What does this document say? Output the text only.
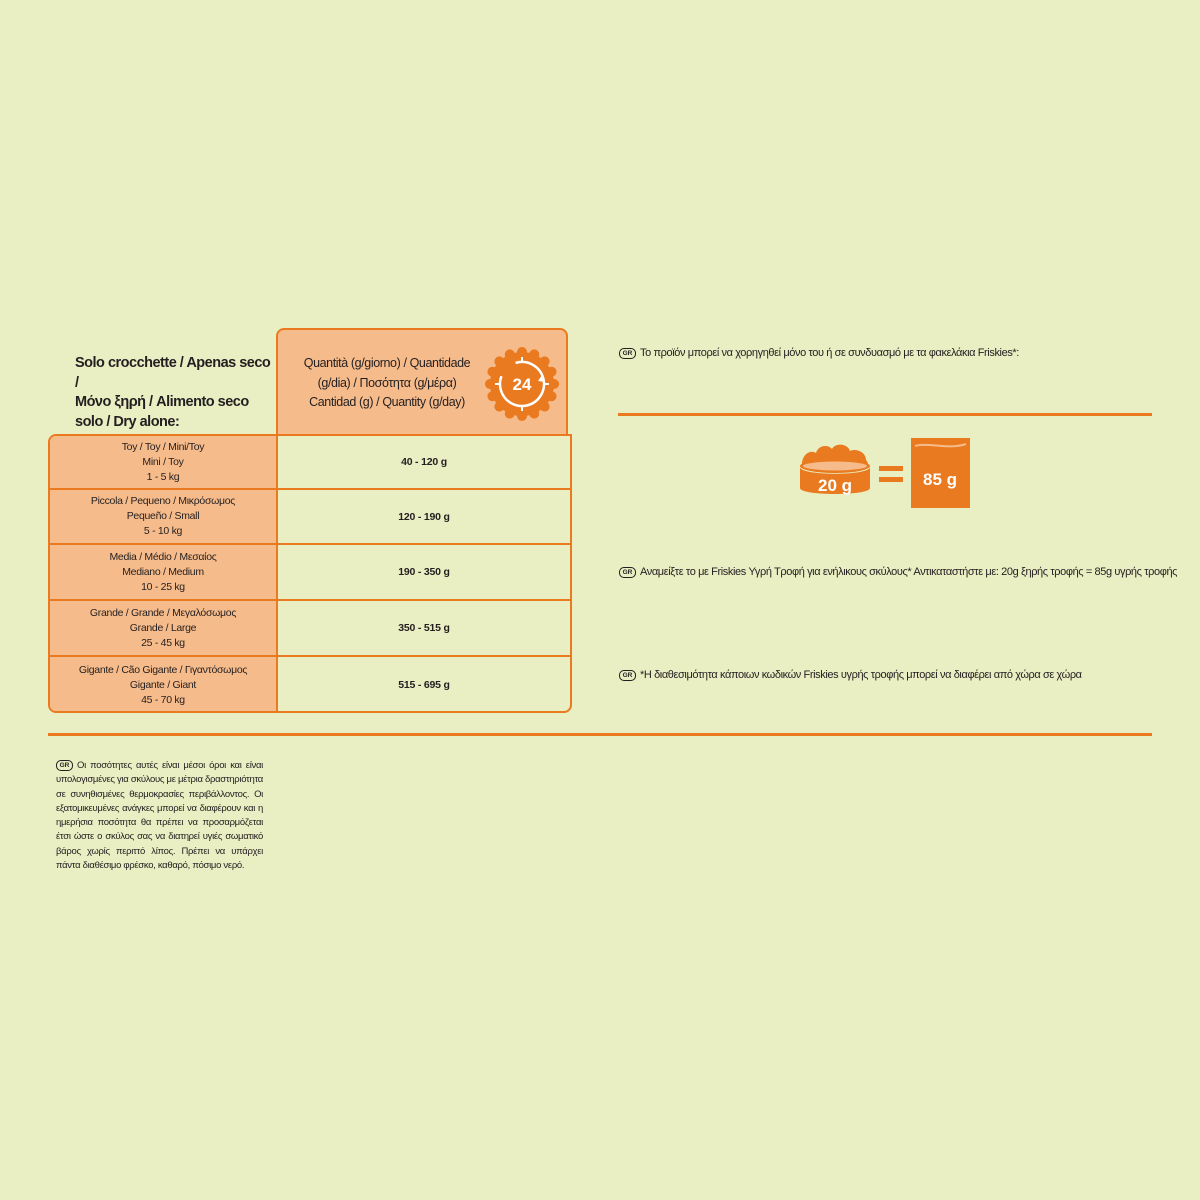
Solo crocchette / Apenas seco /
Μόνο ξηρή / Alimento seco
solo / Dry alone:
Quantità (g/giorno) / Quantidade
(g/dia) / Ποσότητα (g/μέρα)
Cantidad (g) / Quantity (g/day)
24
Toy / Toy / Mini/Toy
Mini / Toy
1 - 5 kg
40 - 120 g
Piccola / Pequeno / Μικρόσωμος
Pequeño / Small
5 - 10 kg
120 - 190 g
Media / Médio / Μεσαίος
Mediano / Medium
10 - 25 kg
190 - 350 g
Grande / Grande / Μεγαλόσωμος
Grande / Large
25 - 45 kg
350 - 515 g
Gigante / Cão Gigante / Γιγαντόσωμος
Gigante / Giant
45 - 70 kg
515 - 695 g
GR Το προϊόν μπορεί να χορηγηθεί μόνο του ή σε συνδυασμό με τα φακελάκια Friskies*:
20 g	85 g
GR Αναμείξτε το με Friskies Υγρή Τροφή για ενήλικους σκύλους* Αντικαταστήστε με: 20g ξηρής τροφής = 85g υγρής τροφής
GR *Η διαθεσιμότητα κάποιων κωδικών Friskies υγρής τροφής μπορεί να διαφέρει από χώρα σε χώρα
GR Οι ποσότητες αυτές είναι μέσοι όροι και είναι υπολογισμένες για σκύλους με μέτρια δραστηριότητα σε συνηθισμένες θερμοκρασίες περιβάλλοντος. Οι εξατομικευμένες ανάγκες μπορεί να διαφέρουν και η ημερήσια ποσότητα θα πρέπει να προσαρμόζεται έτσι ώστε ο σκύλος σας να διατηρεί υγιές σωματικό βάρος χωρίς περιττό λίπος. Πρέπει να υπάρχει πάντα διαθέσιμο φρέσκο, καθαρό, πόσιμο νερό.
